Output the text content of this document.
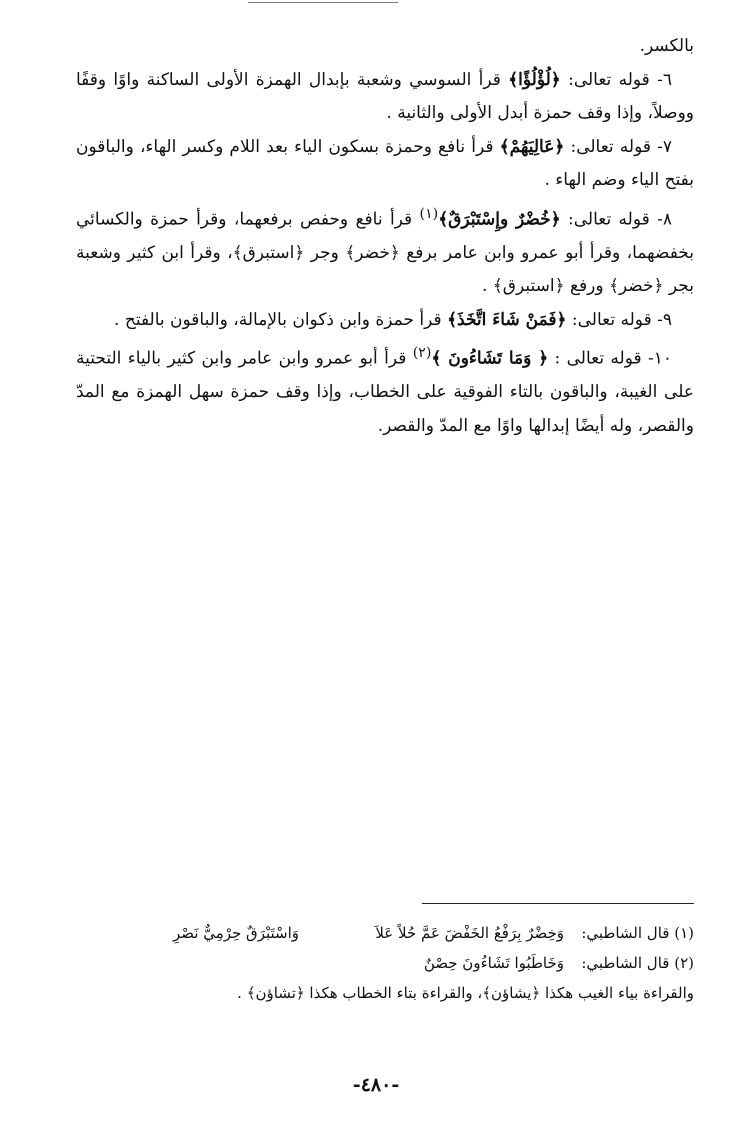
بالكسر.

٦- قوله تعالى: ﴿لُؤْلُؤًا﴾ قرأ السوسي وشعبة بإبدال الهمزة الأولى الساكنة واوًا وقفًا ووصلاً، وإذا وقف حمزة أبدل الأولى والثانية .

٧- قوله تعالى: ﴿عَالِيَهُمْ﴾ قرأ نافع وحمزة بسكون الياء بعد اللام وكسر الهاء، والباقون بفتح الياء وضم الهاء .

٨- قوله تعالى: ﴿خُضْرٌ وإِسْتَبْرَقٌ﴾$^{(١)}$ قرأ نافع وحفص برفعهما، وقرأ حمزة والكسائي بخفضهما، وقرأ أبو عمرو وابن عامر برفع ﴿خضر﴾ وجر ﴿استبرق﴾، وقرأ ابن كثير وشعبة بجر ﴿خضر﴾ ورفع ﴿استبرق﴾ .

٩- قوله تعالى: ﴿فَمَنْ شَاءَ اتَّخَذَ﴾ قرأ حمزة وابن ذكوان بالإمالة، والباقون بالفتح .

١٠- قوله تعالى : ﴿ وَمَا تَشَاءُونَ ﴾$^{(٢)}$ قرأ أبو عمرو وابن عامر وابن كثير بالياء التحتية على الغيبة، والباقون بالتاء الفوقية على الخطاب، وإذا وقف حمزة سهل الهمزة مع المدّ والقصر، وله أيضًا إبدالها واوًا مع المدّ والقصر.

(١) قال الشاطبي:
وَخِضْرٌ بِرَفْعُ الخَفْضَ عَمَّ حُلاً عَلاَ
وَاسْتَبْرَقٌ حِرْمِيٌّ نَصْرِ
(٢) قال الشاطبي:
وَخَاطَبُوا تَشَاءُونَ حِصْنٌ
والقراءة بياء الغيب هكذا ﴿يشاؤن﴾، والقراءة بتاء الخطاب هكذا ﴿تشاؤن﴾ .
-٤٨٠-
